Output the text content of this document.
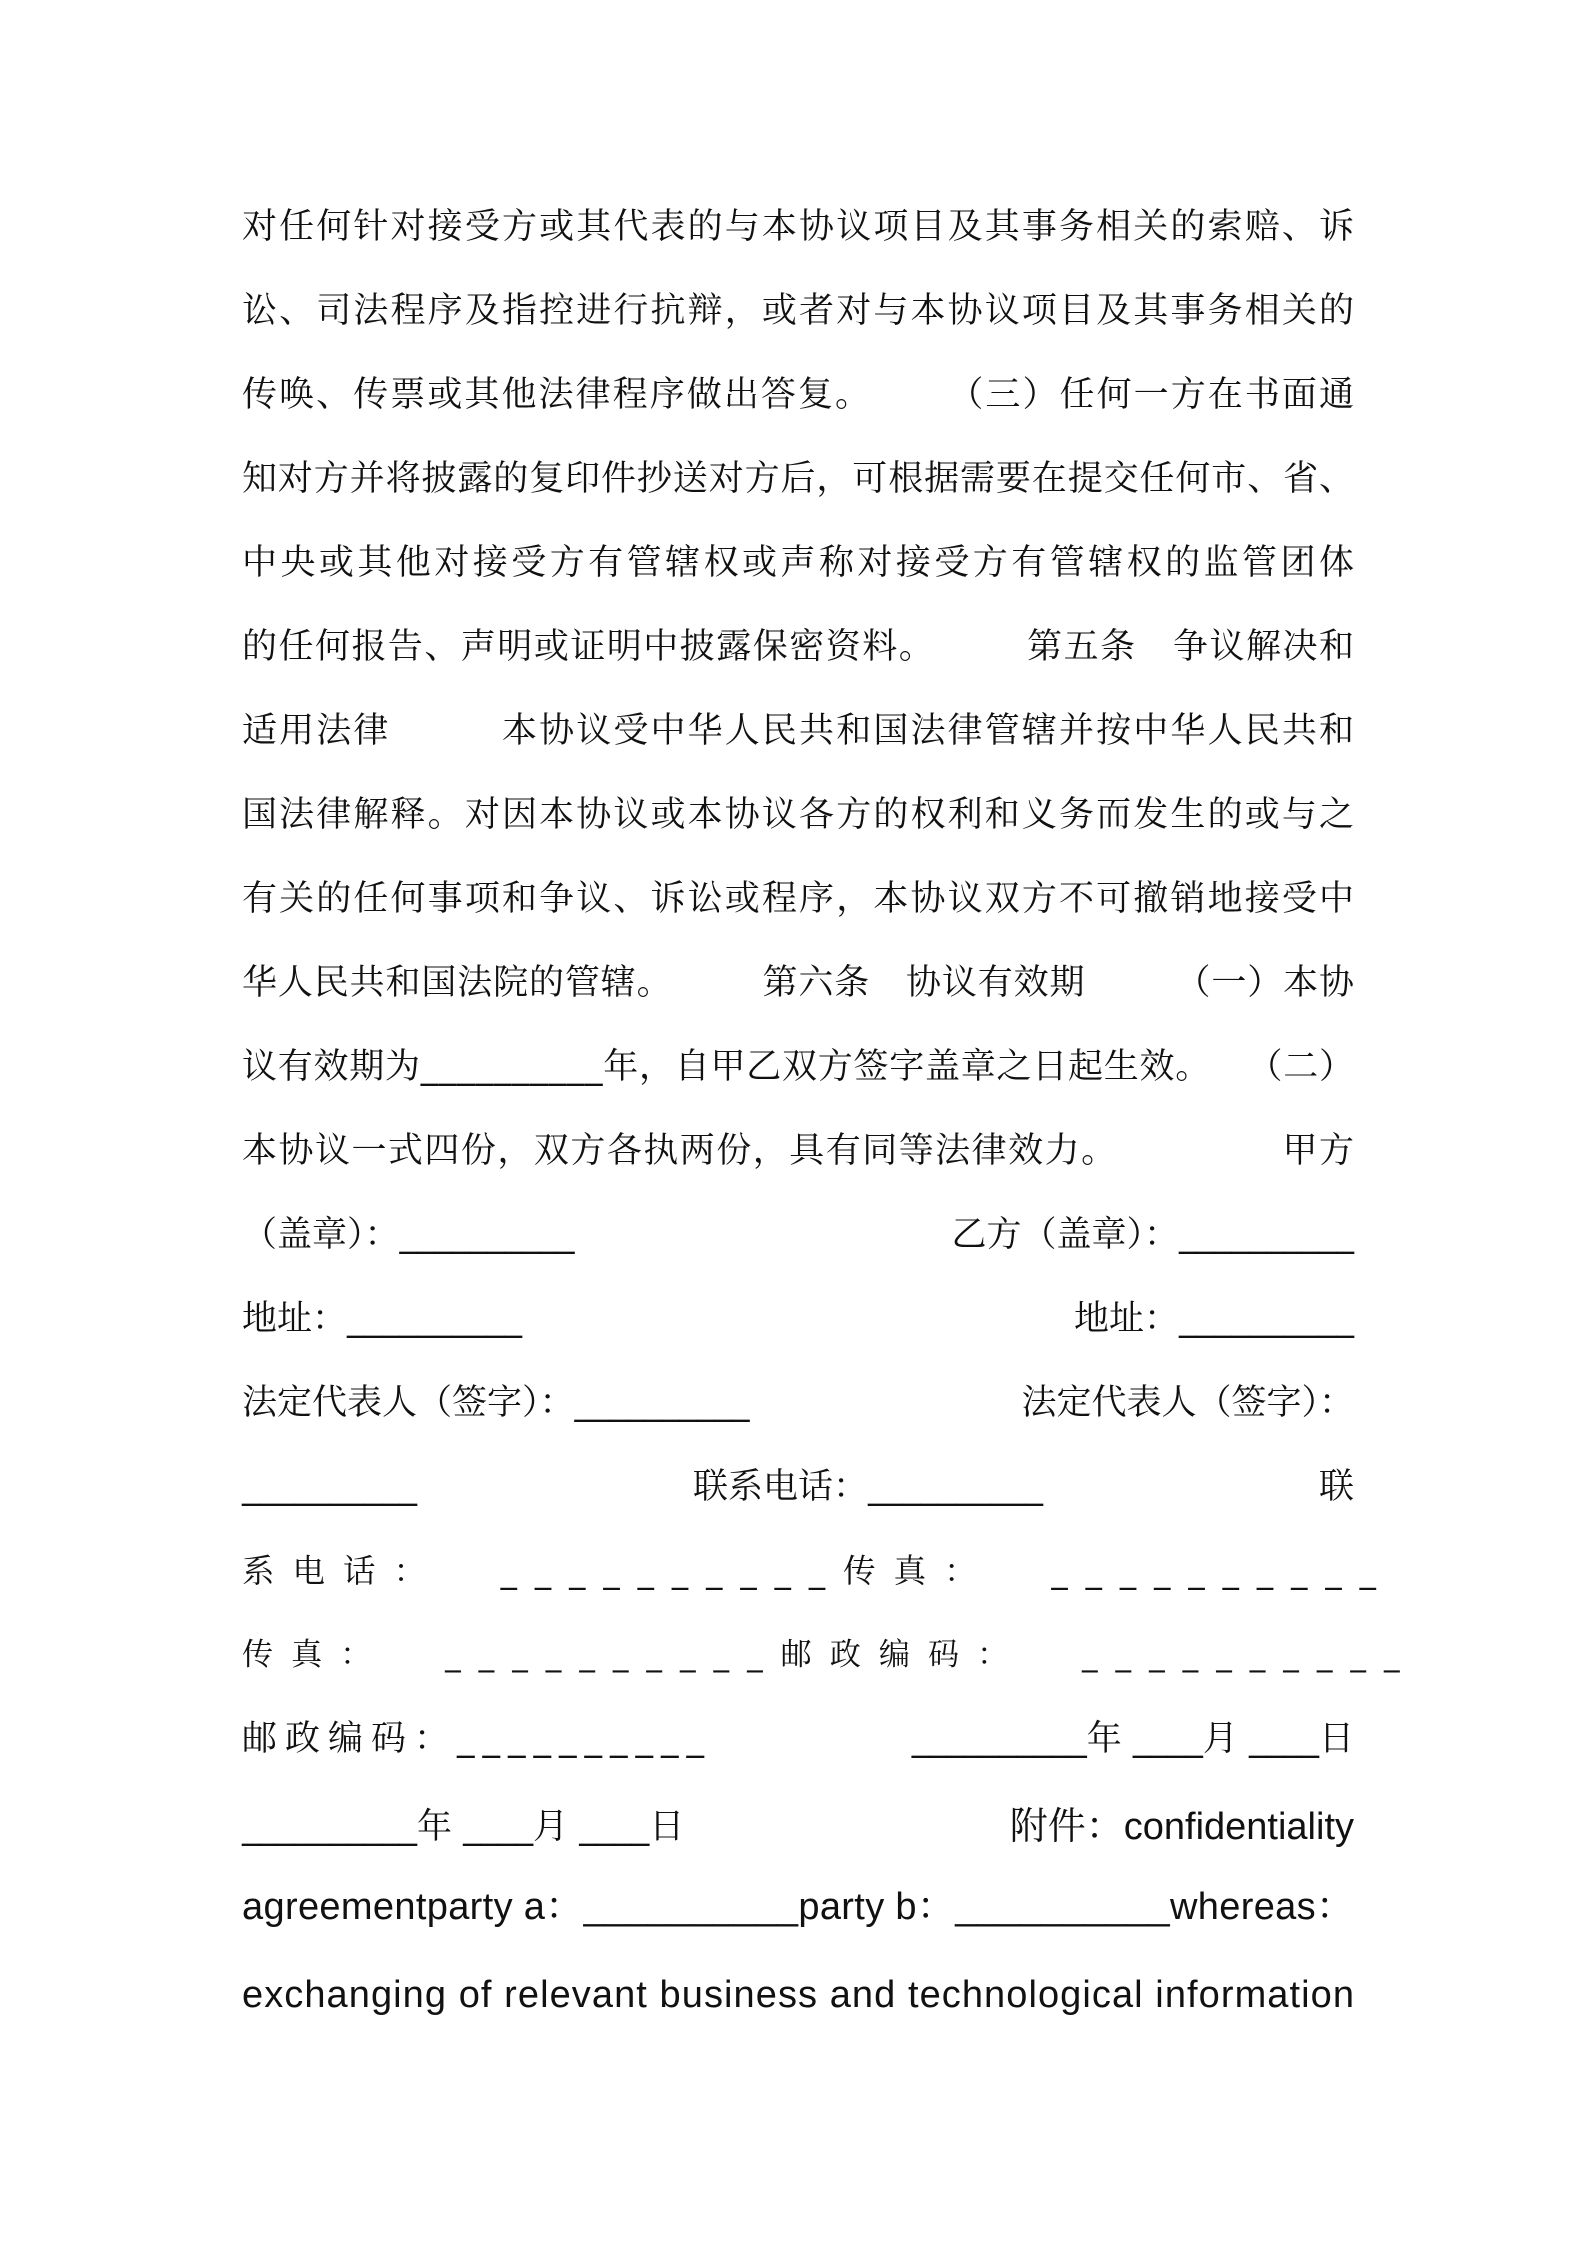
对任何针对接受方或其代表的与本协议项目及其事务相关的索赔、诉
讼、司法程序及指控进行抗辩，或者对与本协议项目及其事务相关的
传唤、传票或其他法律程序做出答复。　　　（三）任何一方在书面通
知对方并将披露的复印件抄送对方后，可根据需要在提交任何市、省、
中央或其他对接受方有管辖权或声称对接受方有管辖权的监管团体
的任何报告、声明或证明中披露保密资料。　　　第五条　争议解决和
适用法律　　　本协议受中华人民共和国法律管辖并按中华人民共和
国法律解释。对因本协议或本协议各方的权利和义务而发生的或与之
有关的任何事项和争议、诉讼或程序，本协议双方不可撤销地接受中
华人民共和国法院的管辖。　　　第六条　协议有效期　　　（一）本协
议有效期为__________年，自甲乙双方签字盖章之日起生效。　　（二）
本协议一式四份，双方各执两份，具有同等法律效力。　　　　　甲方
（盖章）：__________	乙方（盖章）：__________
地址：__________	地址：__________
法定代表人（签字）：__________	法定代表人（签字）：
__________	联系电话：__________	联
系电话：  __________ 传真：  __________
传真：  __________ 邮政编码：  __________
邮政编码：__________	__________年 ____月 ____日
__________年 ____月 ____日	附件：confidentiality
agreementparty a：__________party b：__________whereas：
exchanging of relevant business and technological information
